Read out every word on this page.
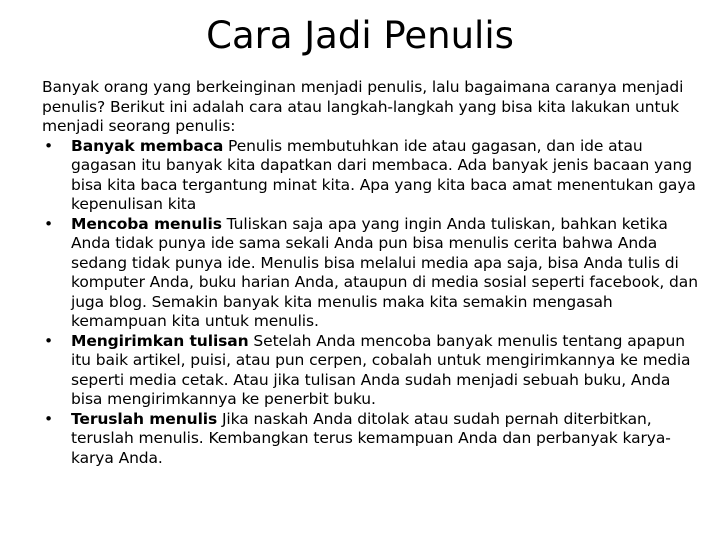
Cara Jadi Penulis

Banyak orang yang berkeinginan menjadi penulis, lalu bagaimana caranya menjadi penulis? Berikut ini adalah cara atau langkah-langkah yang bisa kita lakukan untuk menjadi seorang penulis:

• Banyak membaca Penulis membutuhkan ide atau gagasan, dan ide atau gagasan itu banyak kita dapatkan dari membaca. Ada banyak jenis bacaan yang bisa kita baca tergantung minat kita. Apa yang kita baca amat menentukan gaya kepenulisan kita
• Mencoba menulis Tuliskan saja apa yang ingin Anda tuliskan, bahkan ketika Anda tidak punya ide sama sekali Anda pun bisa menulis cerita bahwa Anda sedang tidak punya ide. Menulis bisa melalui media apa saja, bisa Anda tulis di komputer Anda, buku harian Anda, ataupun di media sosial seperti facebook, dan juga blog. Semakin banyak kita menulis maka kita semakin mengasah kemampuan kita untuk menulis.
• Mengirimkan tulisan Setelah Anda mencoba banyak menulis tentang apapun itu baik artikel, puisi, atau pun cerpen, cobalah untuk mengirimkannya ke media seperti media cetak. Atau jika tulisan Anda sudah menjadi sebuah buku, Anda bisa mengirimkannya ke penerbit buku.
• Teruslah menulis Jika naskah Anda ditolak atau sudah pernah diterbitkan, teruslah menulis. Kembangkan terus kemampuan Anda dan perbanyak karya-karya Anda.
